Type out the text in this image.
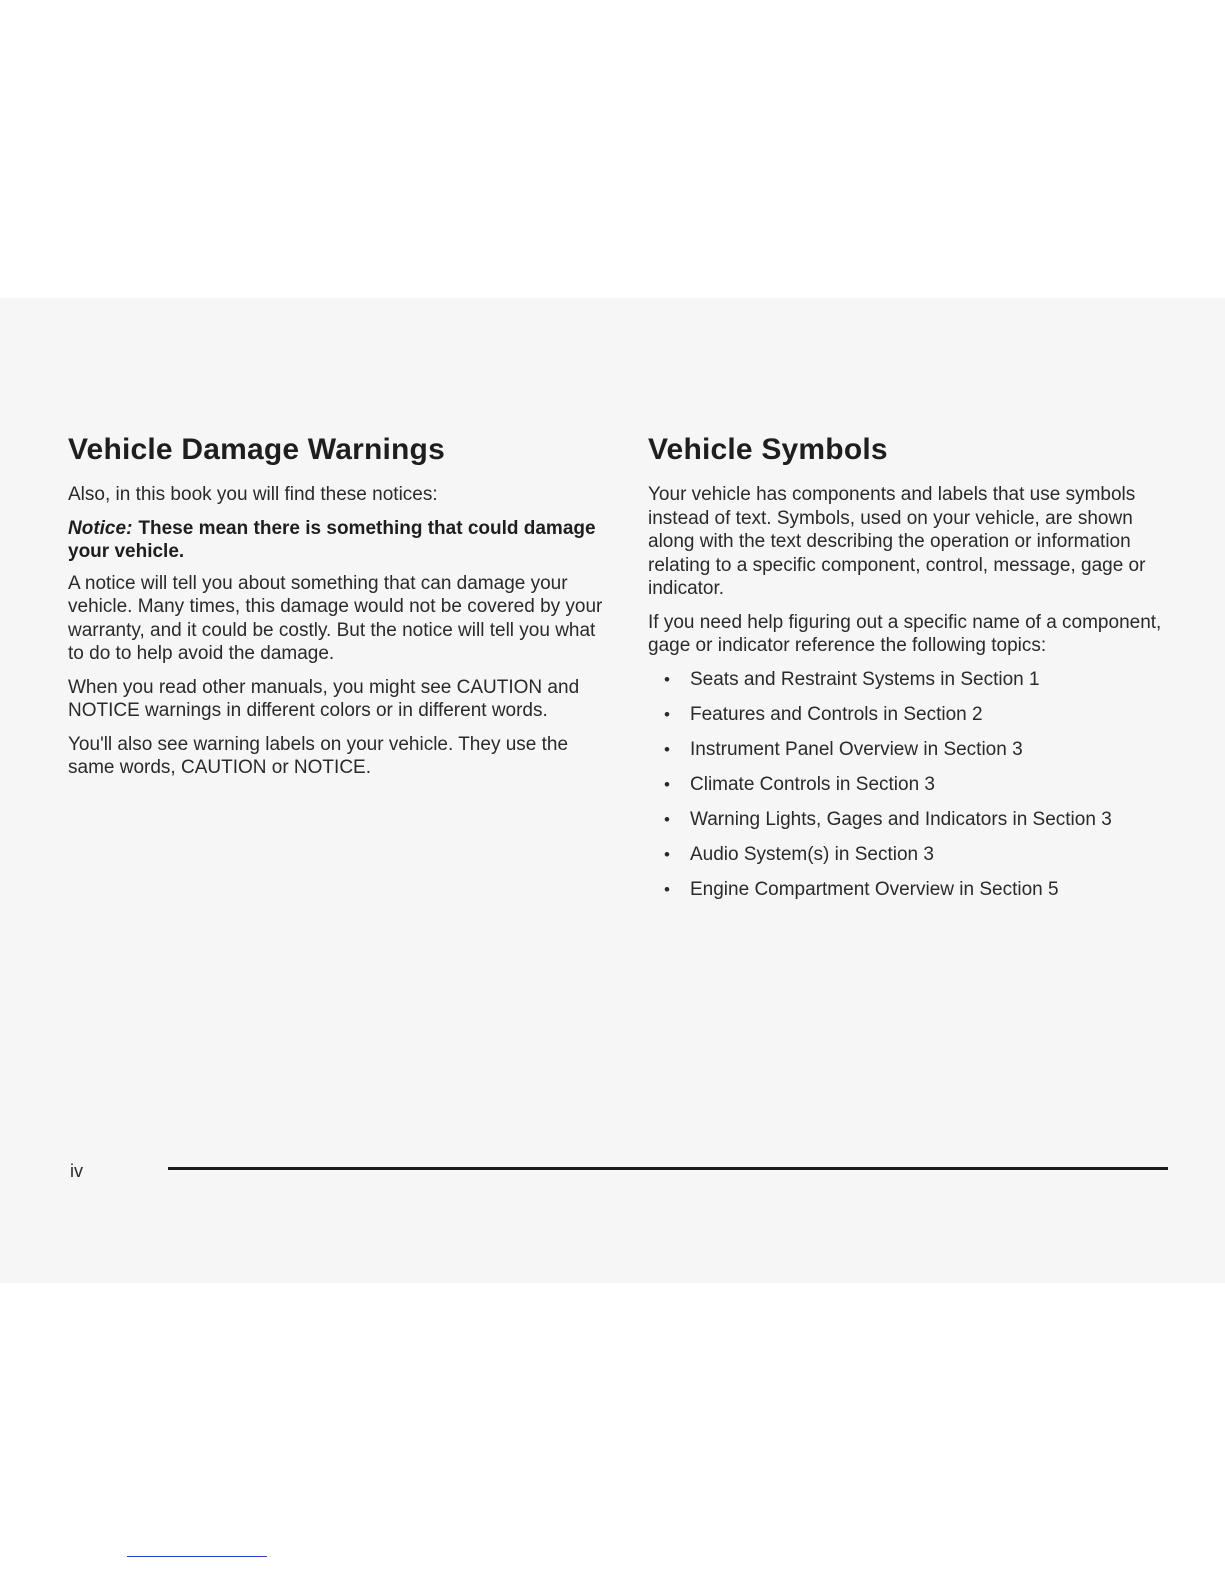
Vehicle Damage Warnings

Also, in this book you will find these notices:

Notice: These mean there is something that could damage your vehicle.

A notice will tell you about something that can damage your vehicle. Many times, this damage would not be covered by your warranty, and it could be costly. But the notice will tell you what to do to help avoid the damage.

When you read other manuals, you might see CAUTION and NOTICE warnings in different colors or in different words.

You'll also see warning labels on your vehicle. They use the same words, CAUTION or NOTICE.

Vehicle Symbols

Your vehicle has components and labels that use symbols instead of text. Symbols, used on your vehicle, are shown along with the text describing the operation or information relating to a specific component, control, message, gage or indicator.

If you need help figuring out a specific name of a component, gage or indicator reference the following topics:

• Seats and Restraint Systems in Section 1
• Features and Controls in Section 2
• Instrument Panel Overview in Section 3
• Climate Controls in Section 3
• Warning Lights, Gages and Indicators in Section 3
• Audio System(s) in Section 3
• Engine Compartment Overview in Section 5
iv
